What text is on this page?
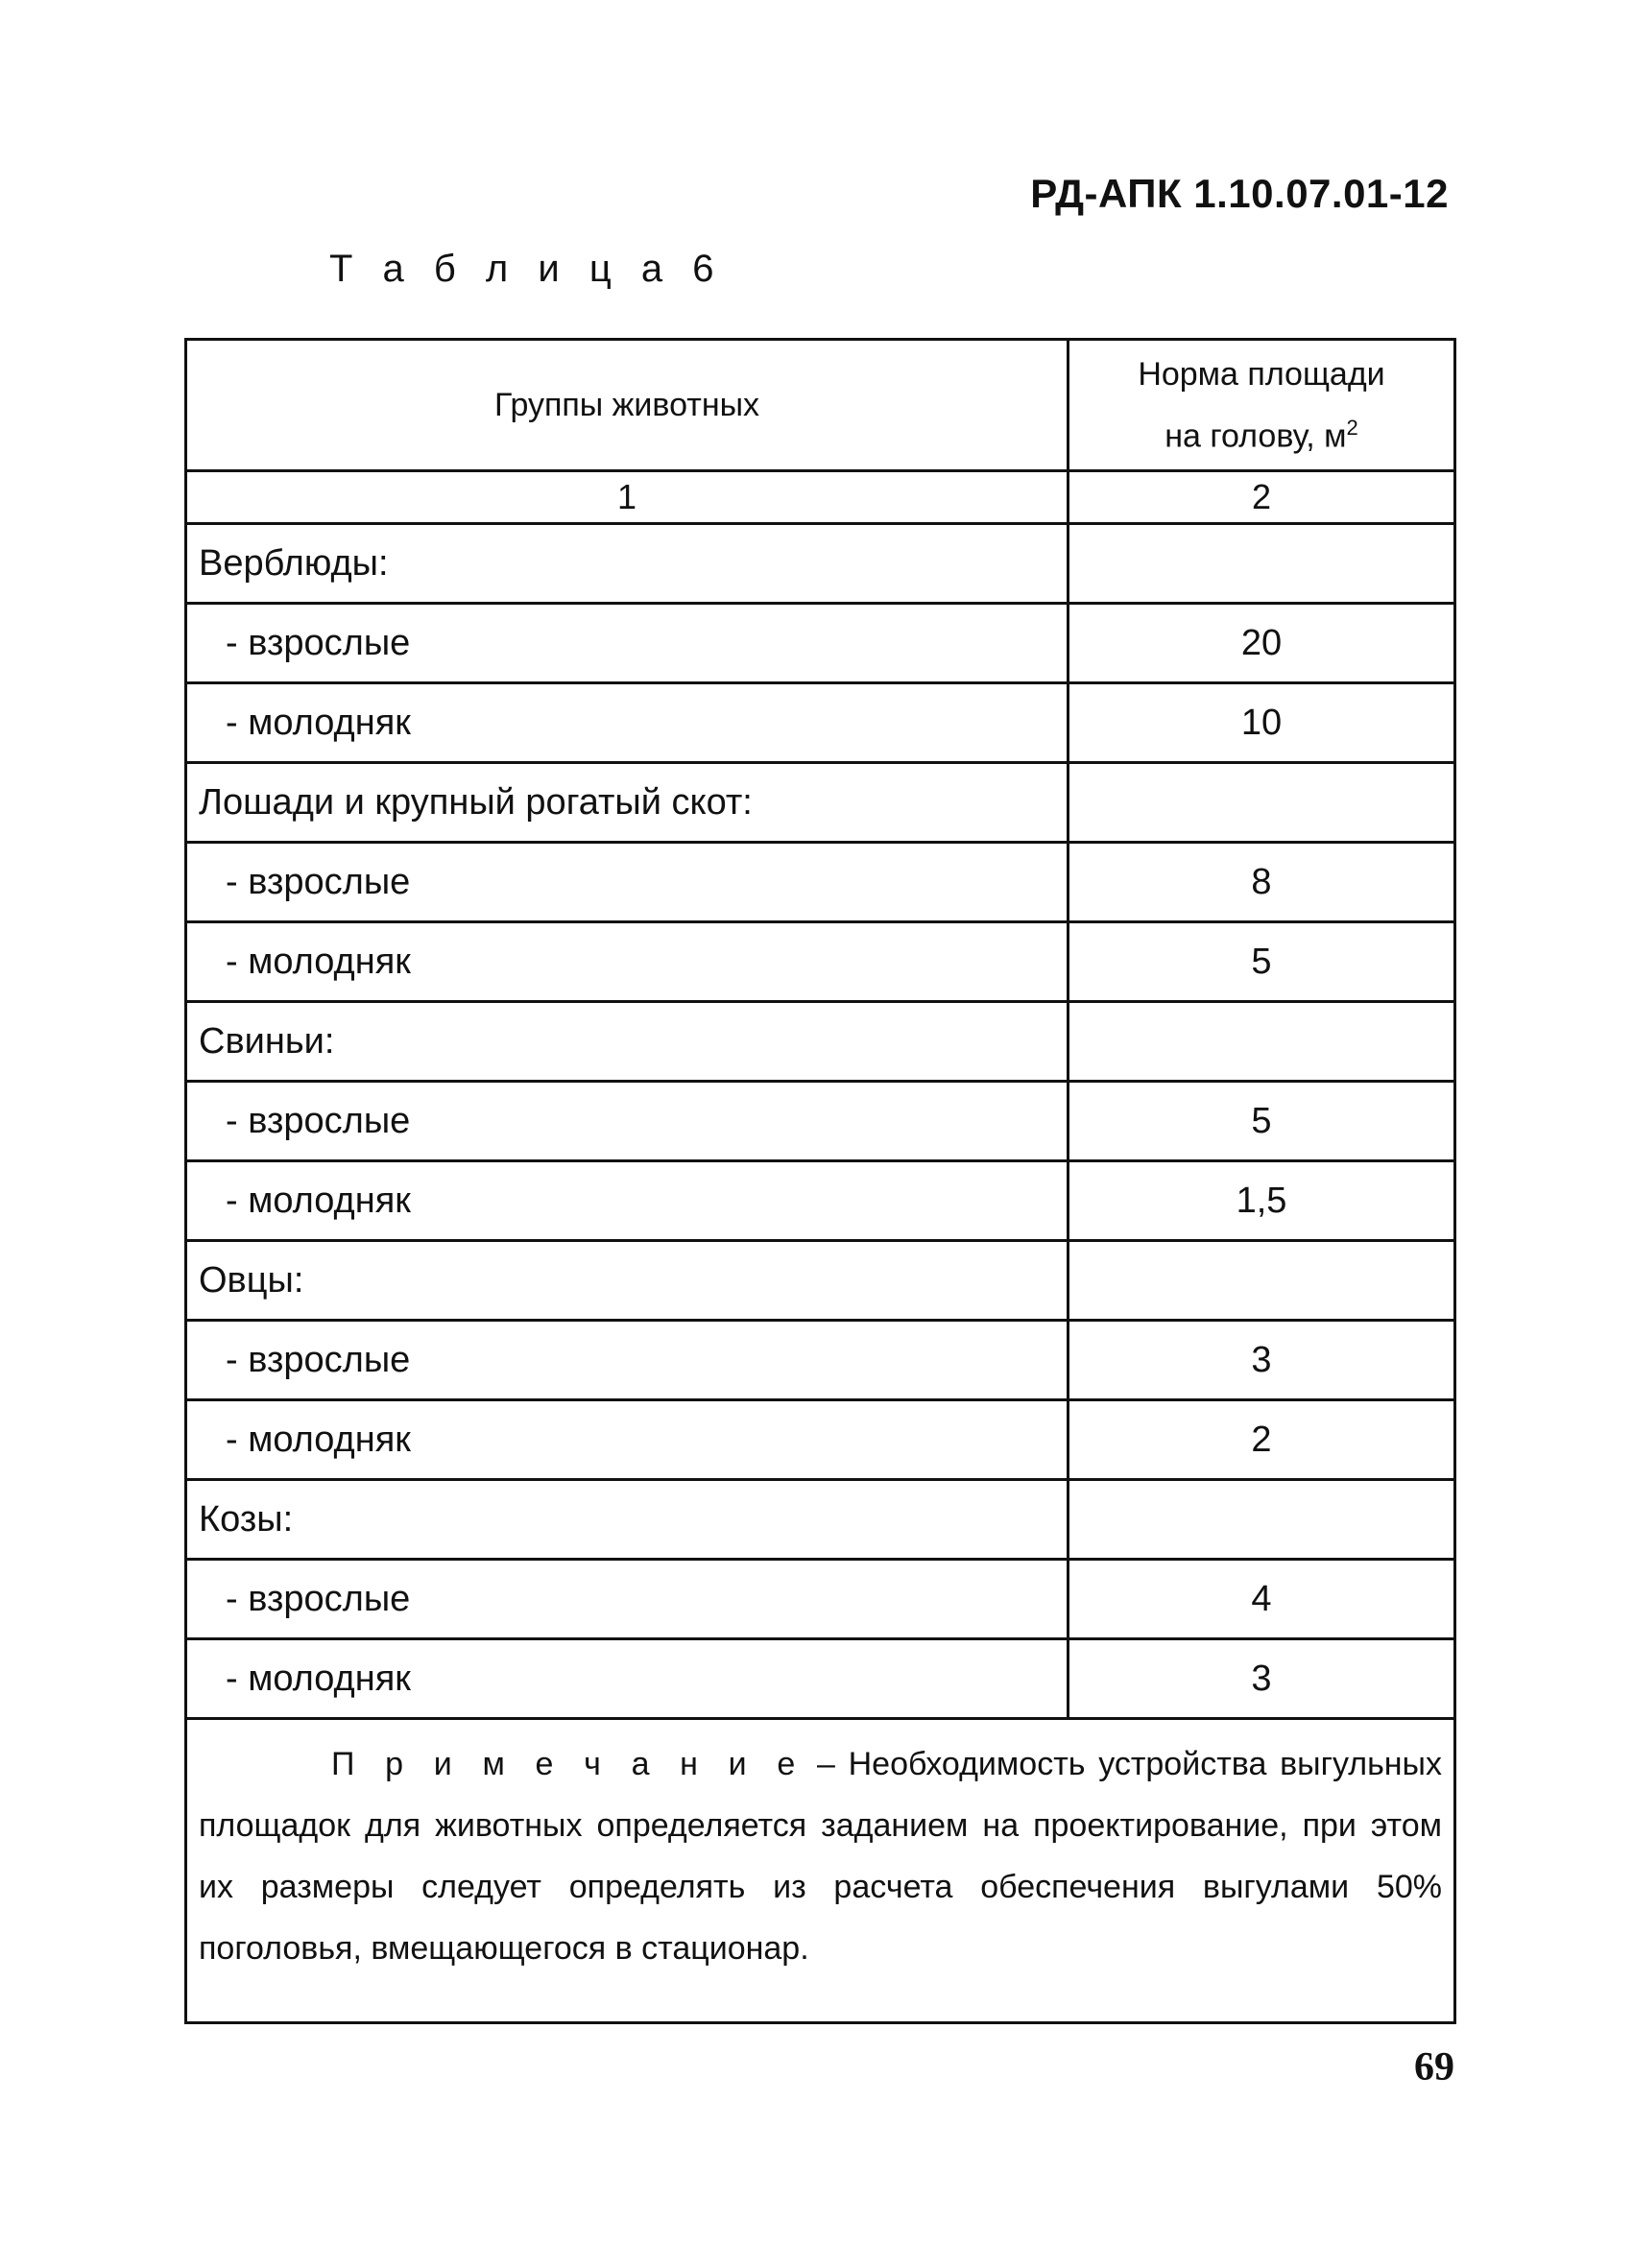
РД-АПК 1.10.07.01-12
Т а б л и ц а 6
Группы животных	Норма площади
на голову, $м^2$
1	2
Верблюды:	
- взрослые	20
- молодняк	10
Лошади и крупный рогатый скот:	
- взрослые	8
- молодняк	5
Свиньи:	
- взрослые	5
- молодняк	1,5
Овцы:	
- взрослые	3
- молодняк	2
Козы:	
- взрослые	4
- молодняк	3
П р и м е ч а н и е – Необходимость устройства выгульных площадок для животных определяется заданием на проектирование, при этом их размеры следует определять из расчета обеспечения выгулами 50% поголовья, вмещающегося в стационар.	
69
